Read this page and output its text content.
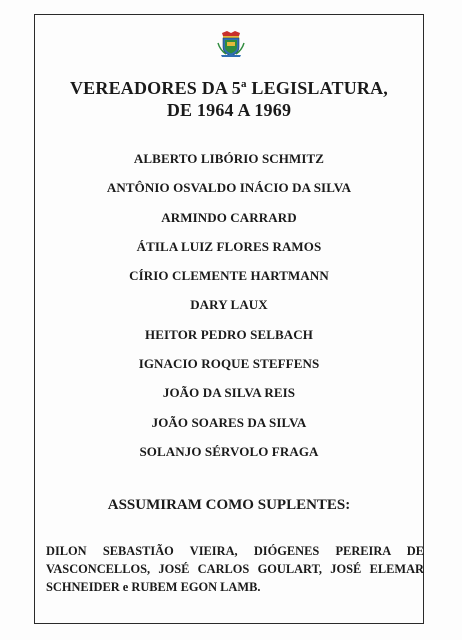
VEREADORES DA 5$^a$ LEGISLATURA,
DE 1964 A 1969
ALBERTO LIBÓRIO SCHMITZ
ANTÔNIO OSVALDO INÁCIO DA SILVA
ARMINDO CARRARD
ÁTILA LUIZ FLORES RAMOS
CÍRIO CLEMENTE HARTMANN
DARY LAUX
HEITOR PEDRO SELBACH
IGNACIO ROQUE STEFFENS
JOÃO DA SILVA REIS
JOÃO SOARES DA SILVA
SOLANJO SÉRVOLO FRAGA
ASSUMIRAM COMO SUPLENTES:

DILON SEBASTIÃO VIEIRA, DIÓGENES PEREIRA DE VASCONCELLOS, JOSÉ CARLOS GOULART, JOSÉ ELEMAR SCHNEIDER e RUBEM EGON LAMB.
